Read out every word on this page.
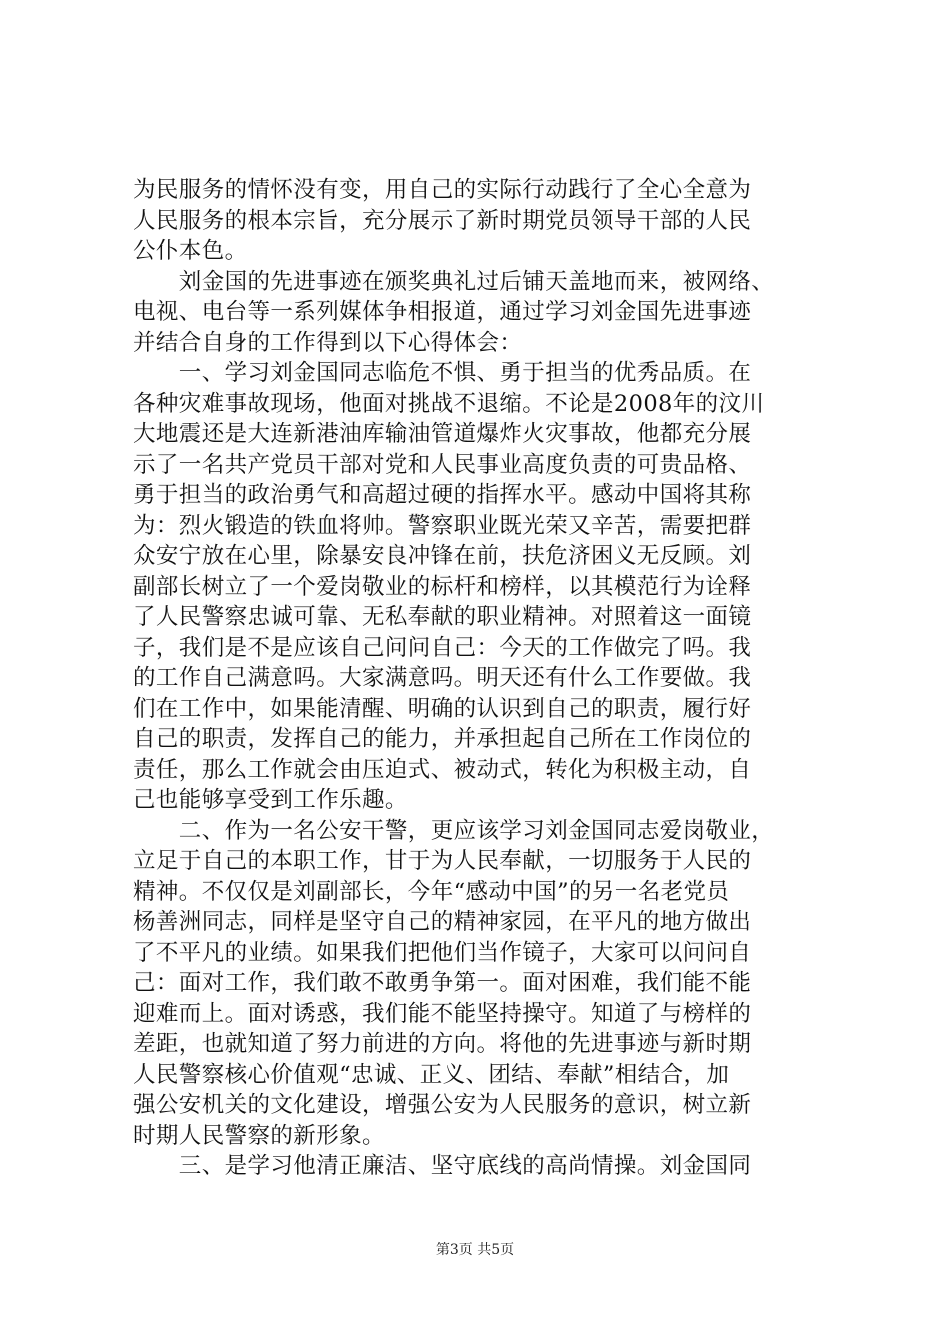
为民服务的情怀没有变，用自己的实际行动践行了全心全意为
人民服务的根本宗旨，充分展示了新时期党员领导干部的人民
公仆本色。
　　刘金国的先进事迹在颁奖典礼过后铺天盖地而来，被网络、
电视、电台等一系列媒体争相报道，通过学习刘金国先进事迹
并结合自身的工作得到以下心得体会：
　　一、学习刘金国同志临危不惧、勇于担当的优秀品质。在
各种灾难事故现场，他面对挑战不退缩。不论是2008年的汶川
大地震还是大连新港油库输油管道爆炸火灾事故，他都充分展
示了一名共产党员干部对党和人民事业高度负责的可贵品格、
勇于担当的政治勇气和高超过硬的指挥水平。感动中国将其称
为：烈火锻造的铁血将帅。警察职业既光荣又辛苦，需要把群
众安宁放在心里，除暴安良冲锋在前，扶危济困义无反顾。刘
副部长树立了一个爱岗敬业的标杆和榜样，以其模范行为诠释
了人民警察忠诚可靠、无私奉献的职业精神。对照着这一面镜
子，我们是不是应该自己问问自己：今天的工作做完了吗。我
的工作自己满意吗。大家满意吗。明天还有什么工作要做。我
们在工作中，如果能清醒、明确的认识到自己的职责，履行好
自己的职责，发挥自己的能力，并承担起自己所在工作岗位的
责任，那么工作就会由压迫式、被动式，转化为积极主动，自
己也能够享受到工作乐趣。
　　二、作为一名公安干警，更应该学习刘金国同志爱岗敬业，
立足于自己的本职工作，甘于为人民奉献，一切服务于人民的
精神。不仅仅是刘副部长，今年“感动中国”的另一名老党员
杨善洲同志，同样是坚守自己的精神家园，在平凡的地方做出
了不平凡的业绩。如果我们把他们当作镜子，大家可以问问自
己：面对工作，我们敢不敢勇争第一。面对困难，我们能不能
迎难而上。面对诱惑，我们能不能坚持操守。知道了与榜样的
差距，也就知道了努力前进的方向。将他的先进事迹与新时期
人民警察核心价值观“忠诚、正义、团结、奉献”相结合，加
强公安机关的文化建设，增强公安为人民服务的意识，树立新
时期人民警察的新形象。
　　三、是学习他清正廉洁、坚守底线的高尚情操。刘金国同
第3页 共5页
